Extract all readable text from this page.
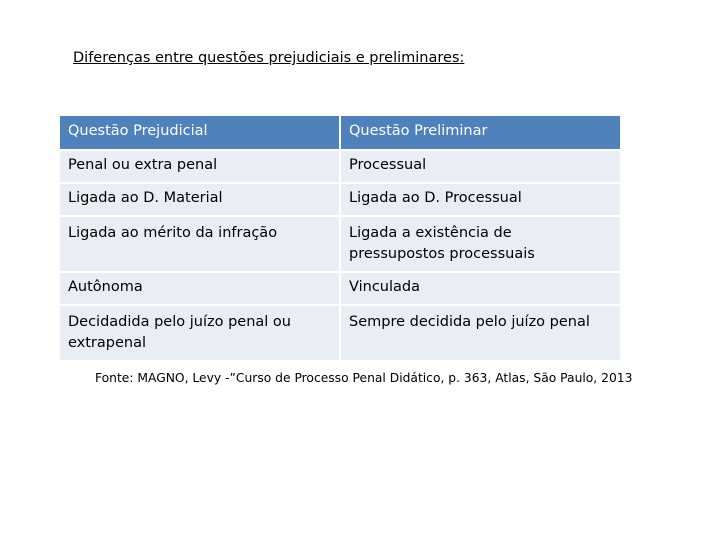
Diferenças entre questões prejudiciais e preliminares:
Questão Prejudicial	Questão Preliminar
Penal ou extra penal	Processual
Ligada ao D. Material	Ligada ao D. Processual
Ligada ao mérito da infração	Ligada a existência de pressupostos processuais
Autônoma	Vinculada
Decidadida pelo juízo penal ou extrapenal	Sempre decidida pelo juízo penal
Fonte: MAGNO, Levy -”Curso de Processo Penal Didático, p. 363, Atlas, São Paulo, 2013
